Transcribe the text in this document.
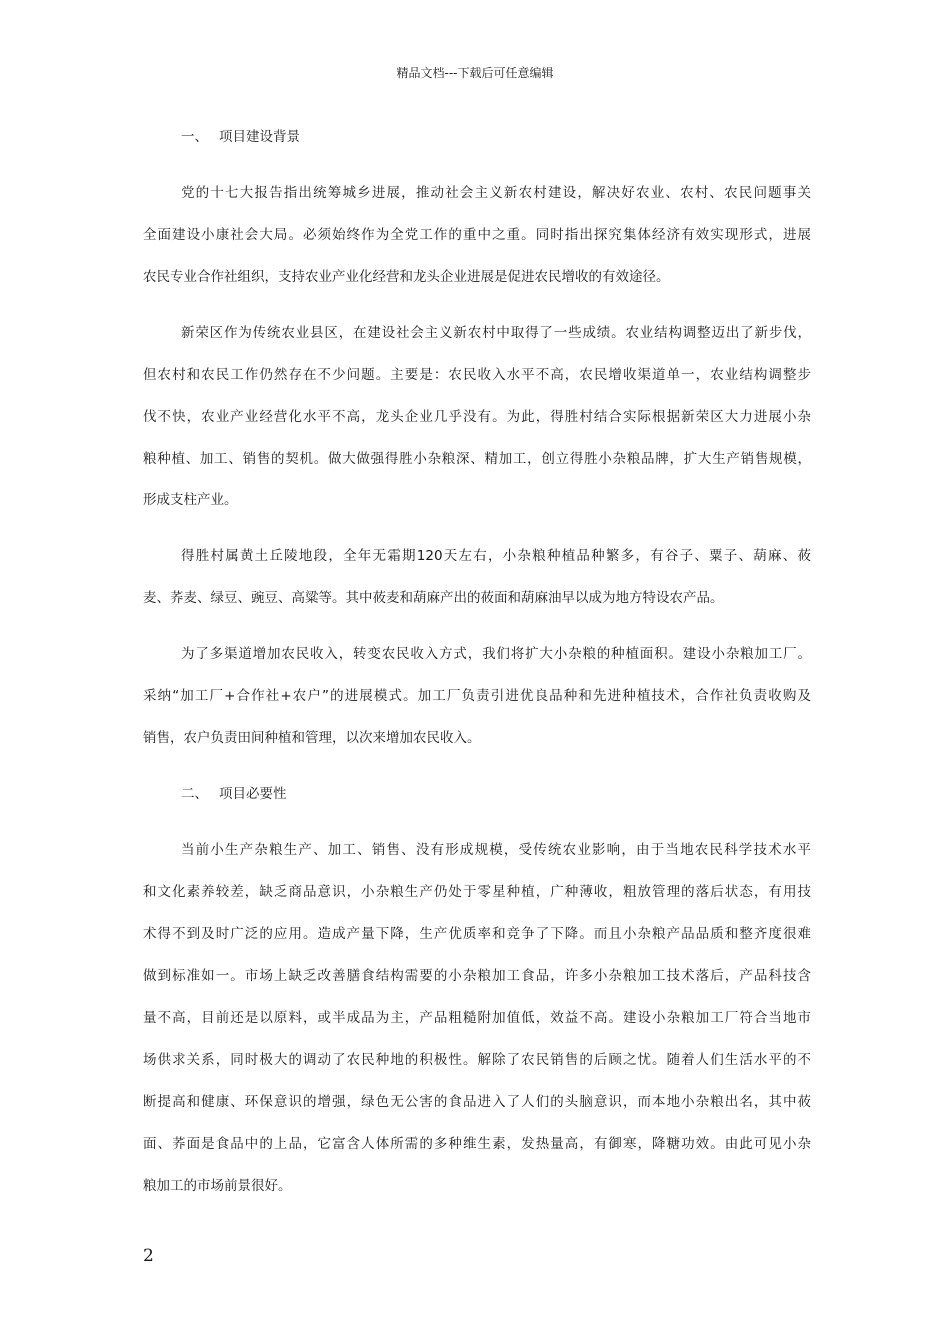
精品文档---下载后可任意编辑
一、 项目建设背景
党的十七大报告指出统筹城乡进展，推动社会主义新农村建设，解决好农业、农村、农民问题事关
全面建设小康社会大局。必须始终作为全党工作的重中之重。同时指出探究集体经济有效实现形式，进展
农民专业合作社组织，支持农业产业化经营和龙头企业进展是促进农民增收的有效途径。
新荣区作为传统农业县区，在建设社会主义新农村中取得了一些成绩。农业结构调整迈出了新步伐，
但农村和农民工作仍然存在不少问题。主要是：农民收入水平不高，农民增收渠道单一，农业结构调整步
伐不快，农业产业经营化水平不高，龙头企业几乎没有。为此，得胜村结合实际根据新荣区大力进展小杂
粮种植、加工、销售的契机。做大做强得胜小杂粮深、精加工，创立得胜小杂粮品牌，扩大生产销售规模，
形成支柱产业。
得胜村属黄土丘陵地段，全年无霜期120天左右，小杂粮种植品种繁多，有谷子、粟子、葫麻、莜
麦、荞麦、绿豆、豌豆、高粱等。其中莜麦和葫麻产出的莜面和葫麻油早以成为地方特设农产品。
为了多渠道增加农民收入，转变农民收入方式，我们将扩大小杂粮的种植面积。建设小杂粮加工厂。
采纳“加工厂+合作社+农户”的进展模式。加工厂负责引进优良品种和先进种植技术，合作社负责收购及
销售，农户负责田间种植和管理，以次来增加农民收入。
二、 项目必要性
当前小生产杂粮生产、加工、销售、没有形成规模，受传统农业影响，由于当地农民科学技术水平
和文化素养较差，缺乏商品意识，小杂粮生产仍处于零星种植，广种薄收，粗放管理的落后状态，有用技
术得不到及时广泛的应用。造成产量下降，生产优质率和竞争了下降。而且小杂粮产品品质和整齐度很难
做到标准如一。市场上缺乏改善膳食结构需要的小杂粮加工食品，许多小杂粮加工技术落后，产品科技含
量不高，目前还是以原料，或半成品为主，产品粗糙附加值低，效益不高。建设小杂粮加工厂符合当地市
场供求关系，同时极大的调动了农民种地的积极性。解除了农民销售的后顾之忧。随着人们生活水平的不
断提高和健康、环保意识的增强，绿色无公害的食品进入了人们的头脑意识，而本地小杂粮出名，其中莜
面、荞面是食品中的上品，它富含人体所需的多种维生素，发热量高，有御寒，降糖功效。由此可见小杂
粮加工的市场前景很好。
2
